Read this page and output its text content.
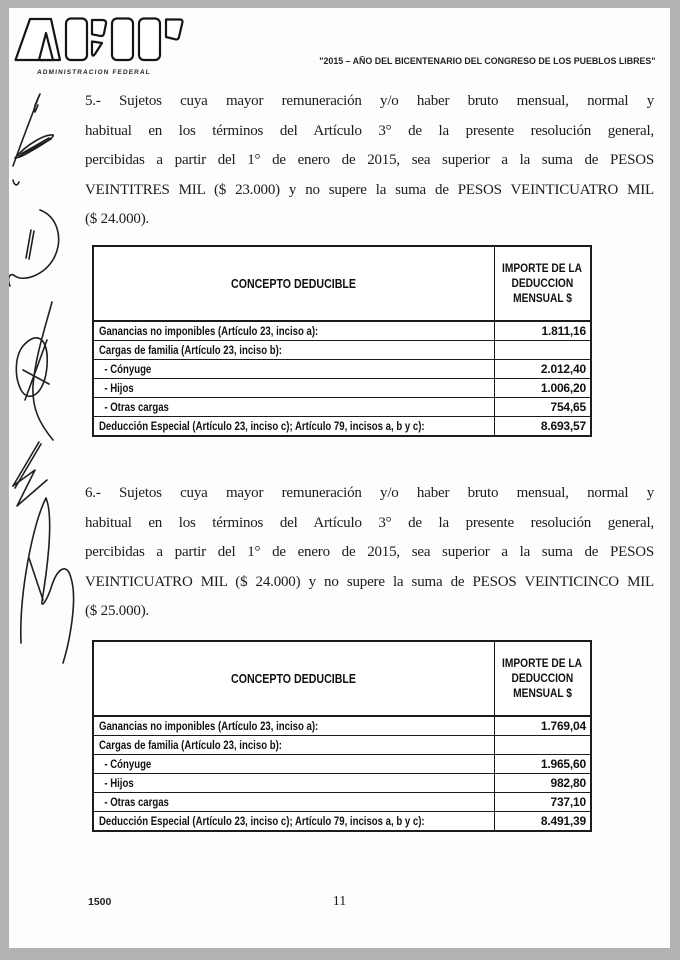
ADMINISTRACION FEDERAL
"2015 – AÑO DEL BICENTENARIO DEL CONGRESO DE LOS PUEBLOS LIBRES"
5.- Sujetos cuya mayor remuneración y/o haber bruto mensual, normal y
habitual en los términos del Artículo 3° de la presente resolución general,
percibidas a partir del 1° de enero de 2015, sea superior a la suma de PESOS
VEINTITRES MIL ($ 23.000) y no supere la suma de PESOS VEINTICUATRO MIL
($ 24.000).
CONCEPTO DEDUCIBLE
IMPORTE DE LA
DEDUCCION
MENSUAL $
Ganancias no imponibles (Artículo 23, inciso a):	1.811,16
Cargas de familia (Artículo 23, inciso b):
- Cónyuge	2.012,40
- Hijos	1.006,20
- Otras cargas	754,65
Deducción Especial (Artículo 23, inciso c); Artículo 79, incisos a, b y c):	8.693,57
6.- Sujetos cuya mayor remuneración y/o haber bruto mensual, normal y
habitual en los términos del Artículo 3° de la presente resolución general,
percibidas a partir del 1° de enero de 2015, sea superior a la suma de PESOS
VEINTICUATRO MIL ($ 24.000) y no supere la suma de PESOS VEINTICINCO MIL
($ 25.000).
CONCEPTO DEDUCIBLE
IMPORTE DE LA
DEDUCCION
MENSUAL $
Ganancias no imponibles (Artículo 23, inciso a):	1.769,04
Cargas de familia (Artículo 23, inciso b):
- Cónyuge	1.965,60
- Hijos	982,80
- Otras cargas	737,10
Deducción Especial (Artículo 23, inciso c); Artículo 79, incisos a, b y c):	8.491,39
1500	11
